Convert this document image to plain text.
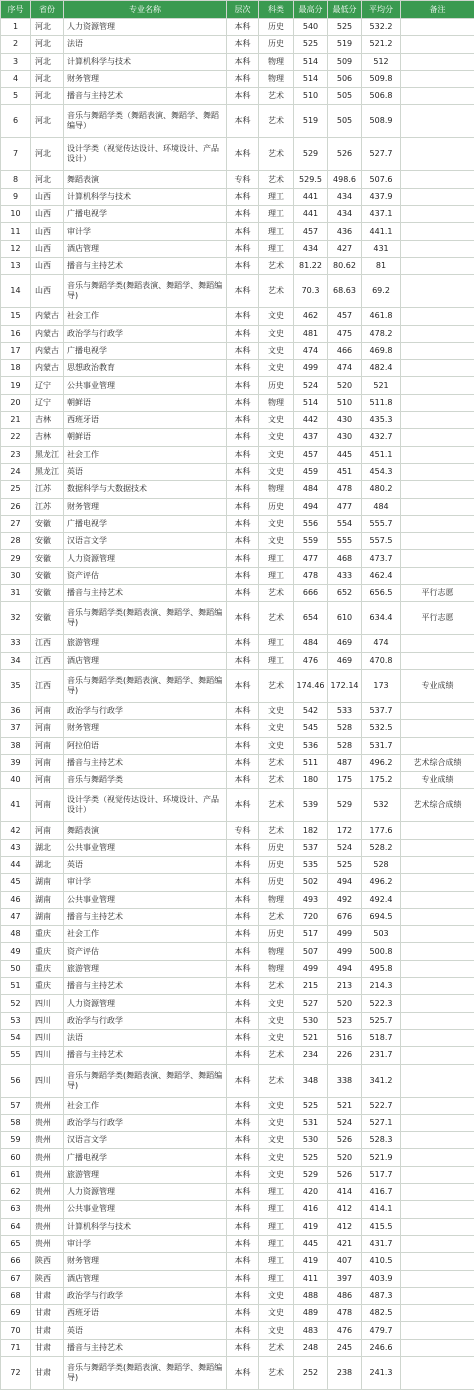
序号	省份	专业名称	层次	科类	最高分	最低分	平均分	备注
1	河北	人力资源管理	本科	历史	540	525	532.2	
2	河北	法语	本科	历史	525	519	521.2	
3	河北	计算机科学与技术	本科	物理	514	509	512	
4	河北	财务管理	本科	物理	514	506	509.8	
5	河北	播音与主持艺术	本科	艺术	510	505	506.8	
6	河北	音乐与舞蹈学类（舞蹈表演、舞蹈学、舞蹈编导）	本科	艺术	519	505	508.9	
7	河北	设计学类（视觉传达设计、环境设计、产品设计）	本科	艺术	529	526	527.7	
8	河北	舞蹈表演	专科	艺术	529.5	498.6	507.6	
9	山西	计算机科学与技术	本科	理工	441	434	437.9	
10	山西	广播电视学	本科	理工	441	434	437.1	
11	山西	审计学	本科	理工	457	436	441.1	
12	山西	酒店管理	本科	理工	434	427	431	
13	山西	播音与主持艺术	本科	艺术	81.22	80.62	81	
14	山西	音乐与舞蹈学类(舞蹈表演、舞蹈学、舞蹈编导)	本科	艺术	70.3	68.63	69.2	
15	内蒙古	社会工作	本科	文史	462	457	461.8	
16	内蒙古	政治学与行政学	本科	文史	481	475	478.2	
17	内蒙古	广播电视学	本科	文史	474	466	469.8	
18	内蒙古	思想政治教育	本科	文史	499	474	482.4	
19	辽宁	公共事业管理	本科	历史	524	520	521	
20	辽宁	朝鲜语	本科	物理	514	510	511.8	
21	吉林	西班牙语	本科	文史	442	430	435.3	
22	吉林	朝鲜语	本科	文史	437	430	432.7	
23	黑龙江	社会工作	本科	文史	457	445	451.1	
24	黑龙江	英语	本科	文史	459	451	454.3	
25	江苏	数据科学与大数据技术	本科	物理	484	478	480.2	
26	江苏	财务管理	本科	历史	494	477	484	
27	安徽	广播电视学	本科	文史	556	554	555.7	
28	安徽	汉语言文学	本科	文史	559	555	557.5	
29	安徽	人力资源管理	本科	理工	477	468	473.7	
30	安徽	资产评估	本科	理工	478	433	462.4	
31	安徽	播音与主持艺术	本科	艺术	666	652	656.5	平行志愿
32	安徽	音乐与舞蹈学类(舞蹈表演、舞蹈学、舞蹈编导)	本科	艺术	654	610	634.4	平行志愿
33	江西	旅游管理	本科	理工	484	469	474	
34	江西	酒店管理	本科	理工	476	469	470.8	
35	江西	音乐与舞蹈学类(舞蹈表演、舞蹈学、舞蹈编导)	本科	艺术	174.46	172.14	173	专业成绩
36	河南	政治学与行政学	本科	文史	542	533	537.7	
37	河南	财务管理	本科	文史	545	528	532.5	
38	河南	阿拉伯语	本科	文史	536	528	531.7	
39	河南	播音与主持艺术	本科	艺术	511	487	496.2	艺术综合成绩
40	河南	音乐与舞蹈学类	本科	艺术	180	175	175.2	专业成绩
41	河南	设计学类（视觉传达设计、环境设计、产品设计）	本科	艺术	539	529	532	艺术综合成绩
42	河南	舞蹈表演	专科	艺术	182	172	177.6	
43	湖北	公共事业管理	本科	历史	537	524	528.2	
44	湖北	英语	本科	历史	535	525	528	
45	湖南	审计学	本科	历史	502	494	496.2	
46	湖南	公共事业管理	本科	物理	493	492	492.4	
47	湖南	播音与主持艺术	本科	艺术	720	676	694.5	
48	重庆	社会工作	本科	历史	517	499	503	
49	重庆	资产评估	本科	物理	507	499	500.8	
50	重庆	旅游管理	本科	物理	499	494	495.8	
51	重庆	播音与主持艺术	本科	艺术	215	213	214.3	
52	四川	人力资源管理	本科	文史	527	520	522.3	
53	四川	政治学与行政学	本科	文史	530	523	525.7	
54	四川	法语	本科	文史	521	516	518.7	
55	四川	播音与主持艺术	本科	艺术	234	226	231.7	
56	四川	音乐与舞蹈学类(舞蹈表演、舞蹈学、舞蹈编导)	本科	艺术	348	338	341.2	
57	贵州	社会工作	本科	文史	525	521	522.7	
58	贵州	政治学与行政学	本科	文史	531	524	527.1	
59	贵州	汉语言文学	本科	文史	530	526	528.3	
60	贵州	广播电视学	本科	文史	525	520	521.9	
61	贵州	旅游管理	本科	文史	529	526	517.7	
62	贵州	人力资源管理	本科	理工	420	414	416.7	
63	贵州	公共事业管理	本科	理工	416	412	414.1	
64	贵州	计算机科学与技术	本科	理工	419	412	415.5	
65	贵州	审计学	本科	理工	445	421	431.7	
66	陕西	财务管理	本科	理工	419	407	410.5	
67	陕西	酒店管理	本科	理工	411	397	403.9	
68	甘肃	政治学与行政学	本科	文史	488	486	487.3	
69	甘肃	西班牙语	本科	文史	489	478	482.5	
70	甘肃	英语	本科	文史	483	476	479.7	
71	甘肃	播音与主持艺术	本科	艺术	248	245	246.6	
72	甘肃	音乐与舞蹈学类(舞蹈表演、舞蹈学、舞蹈编导)	本科	艺术	252	238	241.3	
